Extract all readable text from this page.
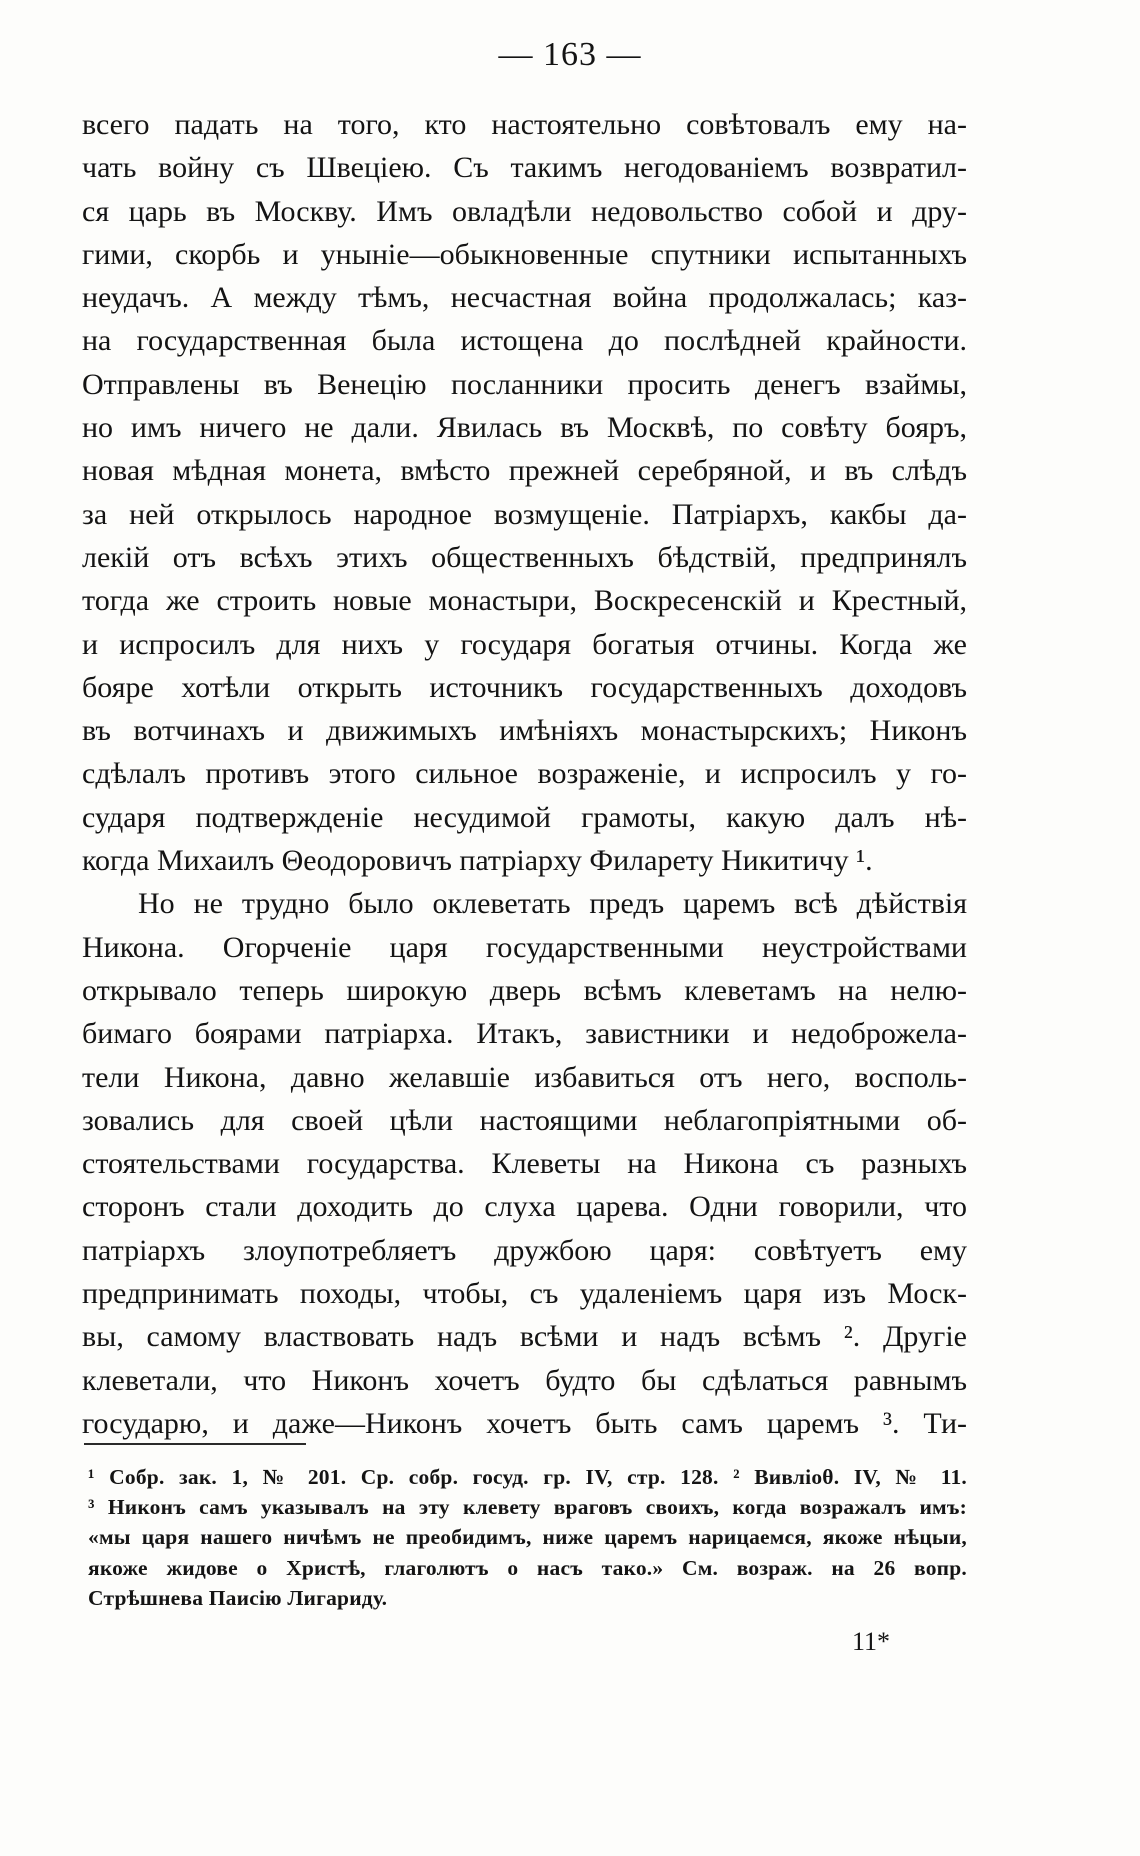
— 163 —
всего падать на того, кто настоятельно совѣтовалъ ему на-
чать войну съ Швеціею. Съ такимъ негодованіемъ возвратил-
ся царь въ Москву. Имъ овладѣли недовольство собой и дру-
гими, скорбь и уныніе—обыкновенные спутники испытанныхъ
неудачъ. А между тѣмъ, несчастная война продолжалась; каз-
на государственная была истощена до послѣдней крайности.
Отправлены въ Венецію посланники просить денегъ взаймы,
но имъ ничего не дали. Явилась въ Москвѣ, по совѣту бояръ,
новая мѣдная монета, вмѣсто прежней серебряной, и въ слѣдъ
за ней открылось народное возмущеніе. Патріархъ, какбы да-
лекій отъ всѣхъ этихъ общественныхъ бѣдствій, предпринялъ
тогда же строить новые монастыри, Воскресенскій и Крестный,
и испросилъ для нихъ у государя богатыя отчины. Когда же
бояре хотѣли открыть источникъ государственныхъ доходовъ
въ вотчинахъ и движимыхъ имѣніяхъ монастырскихъ; Никонъ
сдѣлалъ противъ этого сильное возраженіе, и испросилъ у го-
сударя подтвержденіе несудимой грамоты, какую далъ нѣ-
когда Михаилъ Θеодоровичъ патріарху Филарету Никитичу ¹.
Но не трудно было оклеветать предъ царемъ всѣ дѣйствія
Никона. Огорченіе царя государственными неустройствами
открывало теперь широкую дверь всѣмъ клеветамъ на нелю-
бимаго боярами патріарха. Итакъ, завистники и недоброжела-
тели Никона, давно желавшіе избавиться отъ него, восполь-
зовались для своей цѣли настоящими неблагопріятными об-
стоятельствами государства. Клеветы на Никона съ разныхъ
сторонъ стали доходить до слуха царева. Одни говорили, что
патріархъ злоупотребляетъ дружбою царя: совѣтуетъ ему
предпринимать походы, чтобы, съ удаленіемъ царя изъ Моск-
вы, самому властвовать надъ всѣми и надъ всѣмъ ². Другіе
клеветали, что Никонъ хочетъ будто бы сдѣлаться равнымъ
государю, и даже—Никонъ хочетъ быть самъ царемъ ³. Ти-
¹ Собр. зак. 1, № 201. Ср. собр. госуд. гр. IV, стр. 128. ² Вивліоθ. IV, № 11.
³ Никонъ самъ указывалъ на эту клевету враговъ своихъ, когда возражалъ имъ:
«мы царя нашего ничѣмъ не преобидимъ, нижe царемъ нарицаемся, якоже нѣцыи,
якоже жидове о Христѣ, глаголютъ о насъ тако.» См. возраж. на 26 вопр.
Стрѣшнева Паисію Лигариду.
11*
